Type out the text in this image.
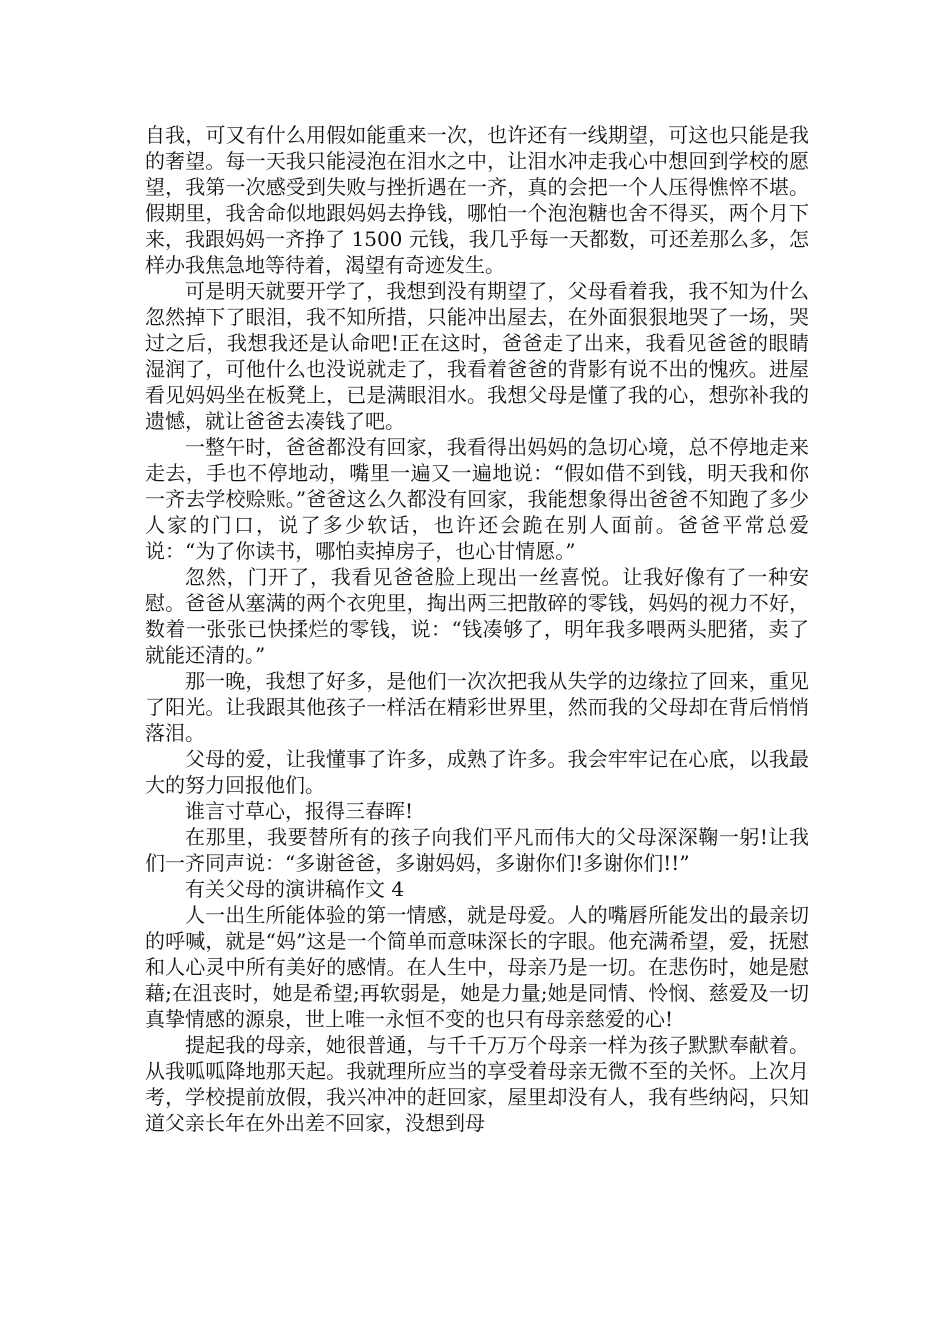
自我，可又有什么用假如能重来一次，也许还有一线期望，可这也只能是我的奢望。每一天我只能浸泡在泪水之中，让泪水冲走我心中想回到学校的愿望，我第一次感受到失败与挫折遇在一齐，真的会把一个人压得憔悴不堪。假期里，我舍命似地跟妈妈去挣钱，哪怕一个泡泡糖也舍不得买，两个月下来，我跟妈妈一齐挣了 1500 元钱，我几乎每一天都数，可还差那么多，怎样办我焦急地等待着，渴望有奇迹发生。

可是明天就要开学了，我想到没有期望了，父母看着我，我不知为什么忽然掉下了眼泪，我不知所措，只能冲出屋去，在外面狠狠地哭了一场，哭过之后，我想我还是认命吧!正在这时，爸爸走了出来，我看见爸爸的眼睛湿润了，可他什么也没说就走了，我看着爸爸的背影有说不出的愧疚。进屋看见妈妈坐在板凳上，已是满眼泪水。我想父母是懂了我的心，想弥补我的遗憾，就让爸爸去凑钱了吧。

一整午时，爸爸都没有回家，我看得出妈妈的急切心境，总不停地走来走去，手也不停地动，嘴里一遍又一遍地说：“假如借不到钱，明天我和你一齐去学校赊账。”爸爸这么久都没有回家，我能想象得出爸爸不知跑了多少人家的门口，说了多少软话，也许还会跪在别人面前。爸爸平常总爱说：“为了你读书，哪怕卖掉房子，也心甘情愿。”

忽然，门开了，我看见爸爸脸上现出一丝喜悦。让我好像有了一种安慰。爸爸从塞满的两个衣兜里，掏出两三把散碎的零钱，妈妈的视力不好，数着一张张已快揉烂的零钱，说：“钱凑够了，明年我多喂两头肥猪，卖了就能还清的。”

那一晚，我想了好多，是他们一次次把我从失学的边缘拉了回来，重见了阳光。让我跟其他孩子一样活在精彩世界里，然而我的父母却在背后悄悄落泪。

父母的爱，让我懂事了许多，成熟了许多。我会牢牢记在心底，以我最大的努力回报他们。

谁言寸草心，报得三春晖!

在那里，我要替所有的孩子向我们平凡而伟大的父母深深鞠一躬!让我们一齐同声说：“多谢爸爸，多谢妈妈，多谢你们!多谢你们!!”

有关父母的演讲稿作文 4

人一出生所能体验的第一情感，就是母爱。人的嘴唇所能发出的最亲切的呼喊，就是“妈”这是一个简单而意味深长的字眼。他充满希望，爱，抚慰和人心灵中所有美好的感情。在人生中，母亲乃是一切。在悲伤时，她是慰藉;在沮丧时，她是希望;再软弱是，她是力量;她是同情、怜悯、慈爱及一切真挚情感的源泉，世上唯一永恒不变的也只有母亲慈爱的心!

提起我的母亲，她很普通，与千千万万个母亲一样为孩子默默奉献着。从我呱呱降地那天起。我就理所应当的享受着母亲无微不至的关怀。上次月考，学校提前放假，我兴冲冲的赶回家，屋里却没有人，我有些纳闷，只知道父亲长年在外出差不回家，没想到母
